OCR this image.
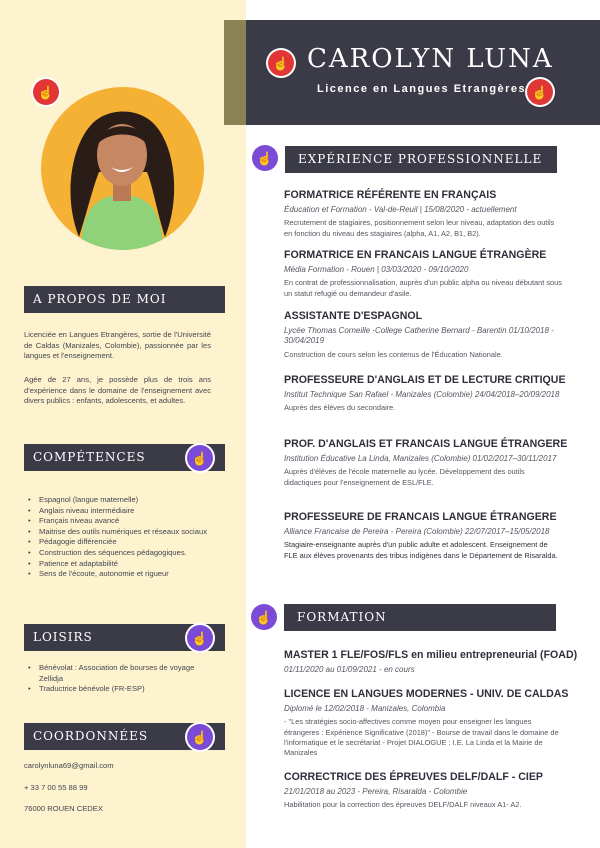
CAROLYN LUNA
Licence en Langues Etrangères
☝
☝
☝
A PROPOS DE MOI

Licenciée en Langues Etrangères, sortie de l'Université de Caldas (Manizales, Colombie), passionnée par les langues et l'enseignement.

Agée de 27 ans, je possède plus de trois ans d'expérience dans le domaine de l'enseignement avec divers publics : enfants, adolescents, et adultes.

COMPÉTENCES	☝
• Espagnol (langue maternelle)
• Anglais niveau intermédiaire
• Français niveau avancé
• Maitrise des outils numériques et réseaux sociaux
• Pédagogie différenciée
• Construction des séquences pédagogiques.
• Patience et adaptabilité
• Sens de l'écoute, autonomie et rigueur
LOISIRS	☝
• Bénévolat : Association de bourses de voyage Zellidja
• Traductrice bénévole (FR-ESP)
COORDONNÉES	☝
carolynluna69@gmail.com
+ 33 7 00 55 88 99
76000 ROUEN CEDEX
☝	EXPÉRIENCE PROFESSIONNELLE
FORMATRICE RÉFÉRENTE EN FRANÇAIS
Éducation et Formation - Val-de-Reuil | 15/08/2020 - actuellement
Recrutement de stagiaires, positionnement selon leur niveau, adaptation des outils en fonction du niveau des stagiaires (alpha, A1, A2, B1, B2).
FORMATRICE EN FRANCAIS LANGUE ÉTRANGÈRE
Média Formation - Rouen | 03/03/2020 - 09/10/2020
En contrat de professionnalisation, auprès d'un public alpha ou niveau débutant sous un statut refugié ou demandeur d'asile.
ASSISTANTE D'ESPAGNOL
Lycée Thomas Corneille -College Catherine Bernard - Barentin 01/10/2018 - 30/04/2019
Construction de cours selon les contenus de l'Éducation Nationale.
PROFESSEURE D'ANGLAIS ET DE LECTURE CRITIQUE
Institut Technique San Rafael - Manizales (Colombie) 24/04/2018–20/09/2018
Auprès des élèves du secondaire.
PROF. D'ANGLAIS ET FRANCAIS LANGUE ÉTRANGERE
Institution Éducative La Linda, Manizales (Colombie) 01/02/2017–30/11/2017
Auprès d'élèves de l'école maternelle au lycée. Développement des outils didactiques pour l'enseignement de ESL/FLE.
PROFESSEURE DE FRANCAIS LANGUE ÉTRANGERE
Alliance Francaise de Pereira - Pereira (Colombie) 22/07/2017–15/05/2018
Stagiaire-enseignante auprès d'un public adulte et adolescent. Enseignement de FLE aux élèves provenants des tribus indigènes dans le Département de Risaralda.
☝	FORMATION
MASTER 1 FLE/FOS/FLS en milieu entrepreneurial (FOAD)
01/11/2020 au 01/09/2021 - en cours
LICENCE EN LANGUES MODERNES - UNIV. DE CALDAS
Diplomé le 12/02/2018 - Manizales, Colombia
- "Les stratégies socio-affectives comme moyen pour enseigner les langues étrangeres : Expérience Significative (2018)" - Bourse de travail dans le domaine de l'informatique et le secrétariat - Projet DIALOGUE : I.E. La Linda et la Mairie de Manizales
CORRECTRICE DES ÉPREUVES DELF/DALF - CIEP
21/01/2018 au 2023 - Pereira, Risaralda - Colombie
Habilitation pour la correction des épreuves DELF/DALF niveaux A1- A2.
